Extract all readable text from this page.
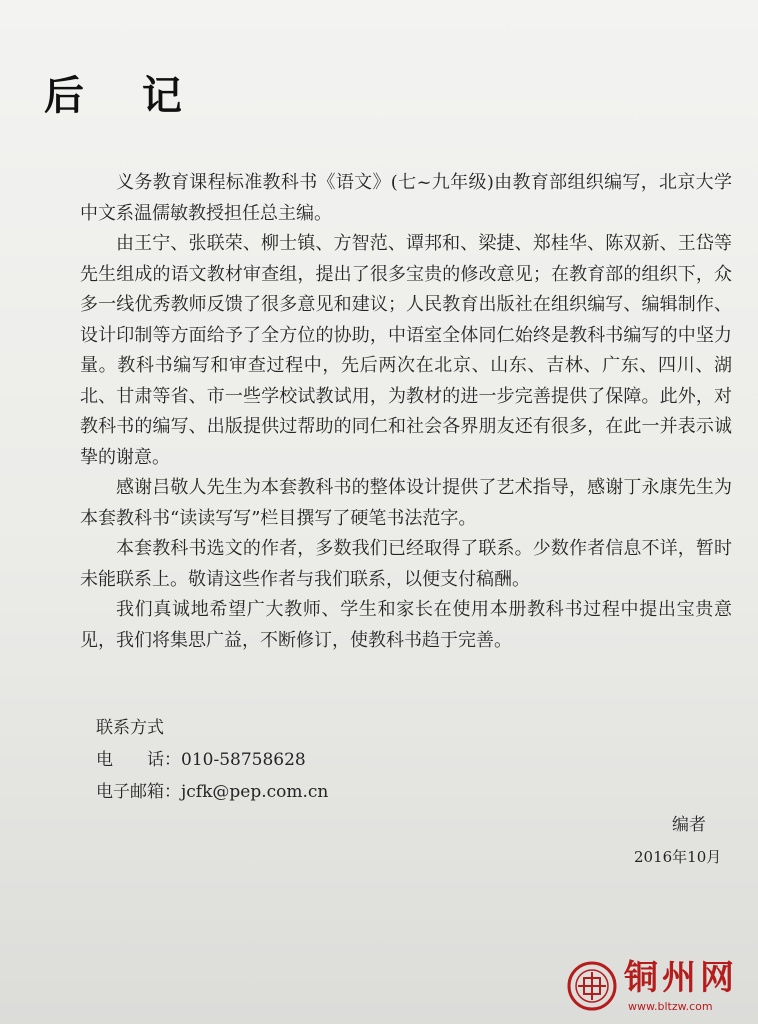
后 记

义务教育课程标准教科书《语文》(七~九年级)由教育部组织编写，北京大学中文系温儒敏教授担任总主编。

由王宁、张联荣、柳士镇、方智范、谭邦和、梁捷、郑桂华、陈双新、王岱等先生组成的语文教材审查组，提出了很多宝贵的修改意见；在教育部的组织下，众多一线优秀教师反馈了很多意见和建议；人民教育出版社在组织编写、编辑制作、设计印制等方面给予了全方位的协助，中语室全体同仁始终是教科书编写的中坚力量。教科书编写和审查过程中，先后两次在北京、山东、吉林、广东、四川、湖北、甘肃等省、市一些学校试教试用，为教材的进一步完善提供了保障。此外，对教科书的编写、出版提供过帮助的同仁和社会各界朋友还有很多，在此一并表示诚挚的谢意。

感谢吕敬人先生为本套教科书的整体设计提供了艺术指导，感谢丁永康先生为本套教科书“读读写写”栏目撰写了硬笔书法范字。

本套教科书选文的作者，多数我们已经取得了联系。少数作者信息不详，暂时未能联系上。敬请这些作者与我们联系，以便支付稿酬。

我们真诚地希望广大教师、学生和家长在使用本册教科书过程中提出宝贵意见，我们将集思广益，不断修订，使教科书趋于完善。

联系方式
电　　话：010-58758628
电子邮箱：jcfk@pep.com.cn
编者
2016年10月
铜州网
www.bltzw.com
